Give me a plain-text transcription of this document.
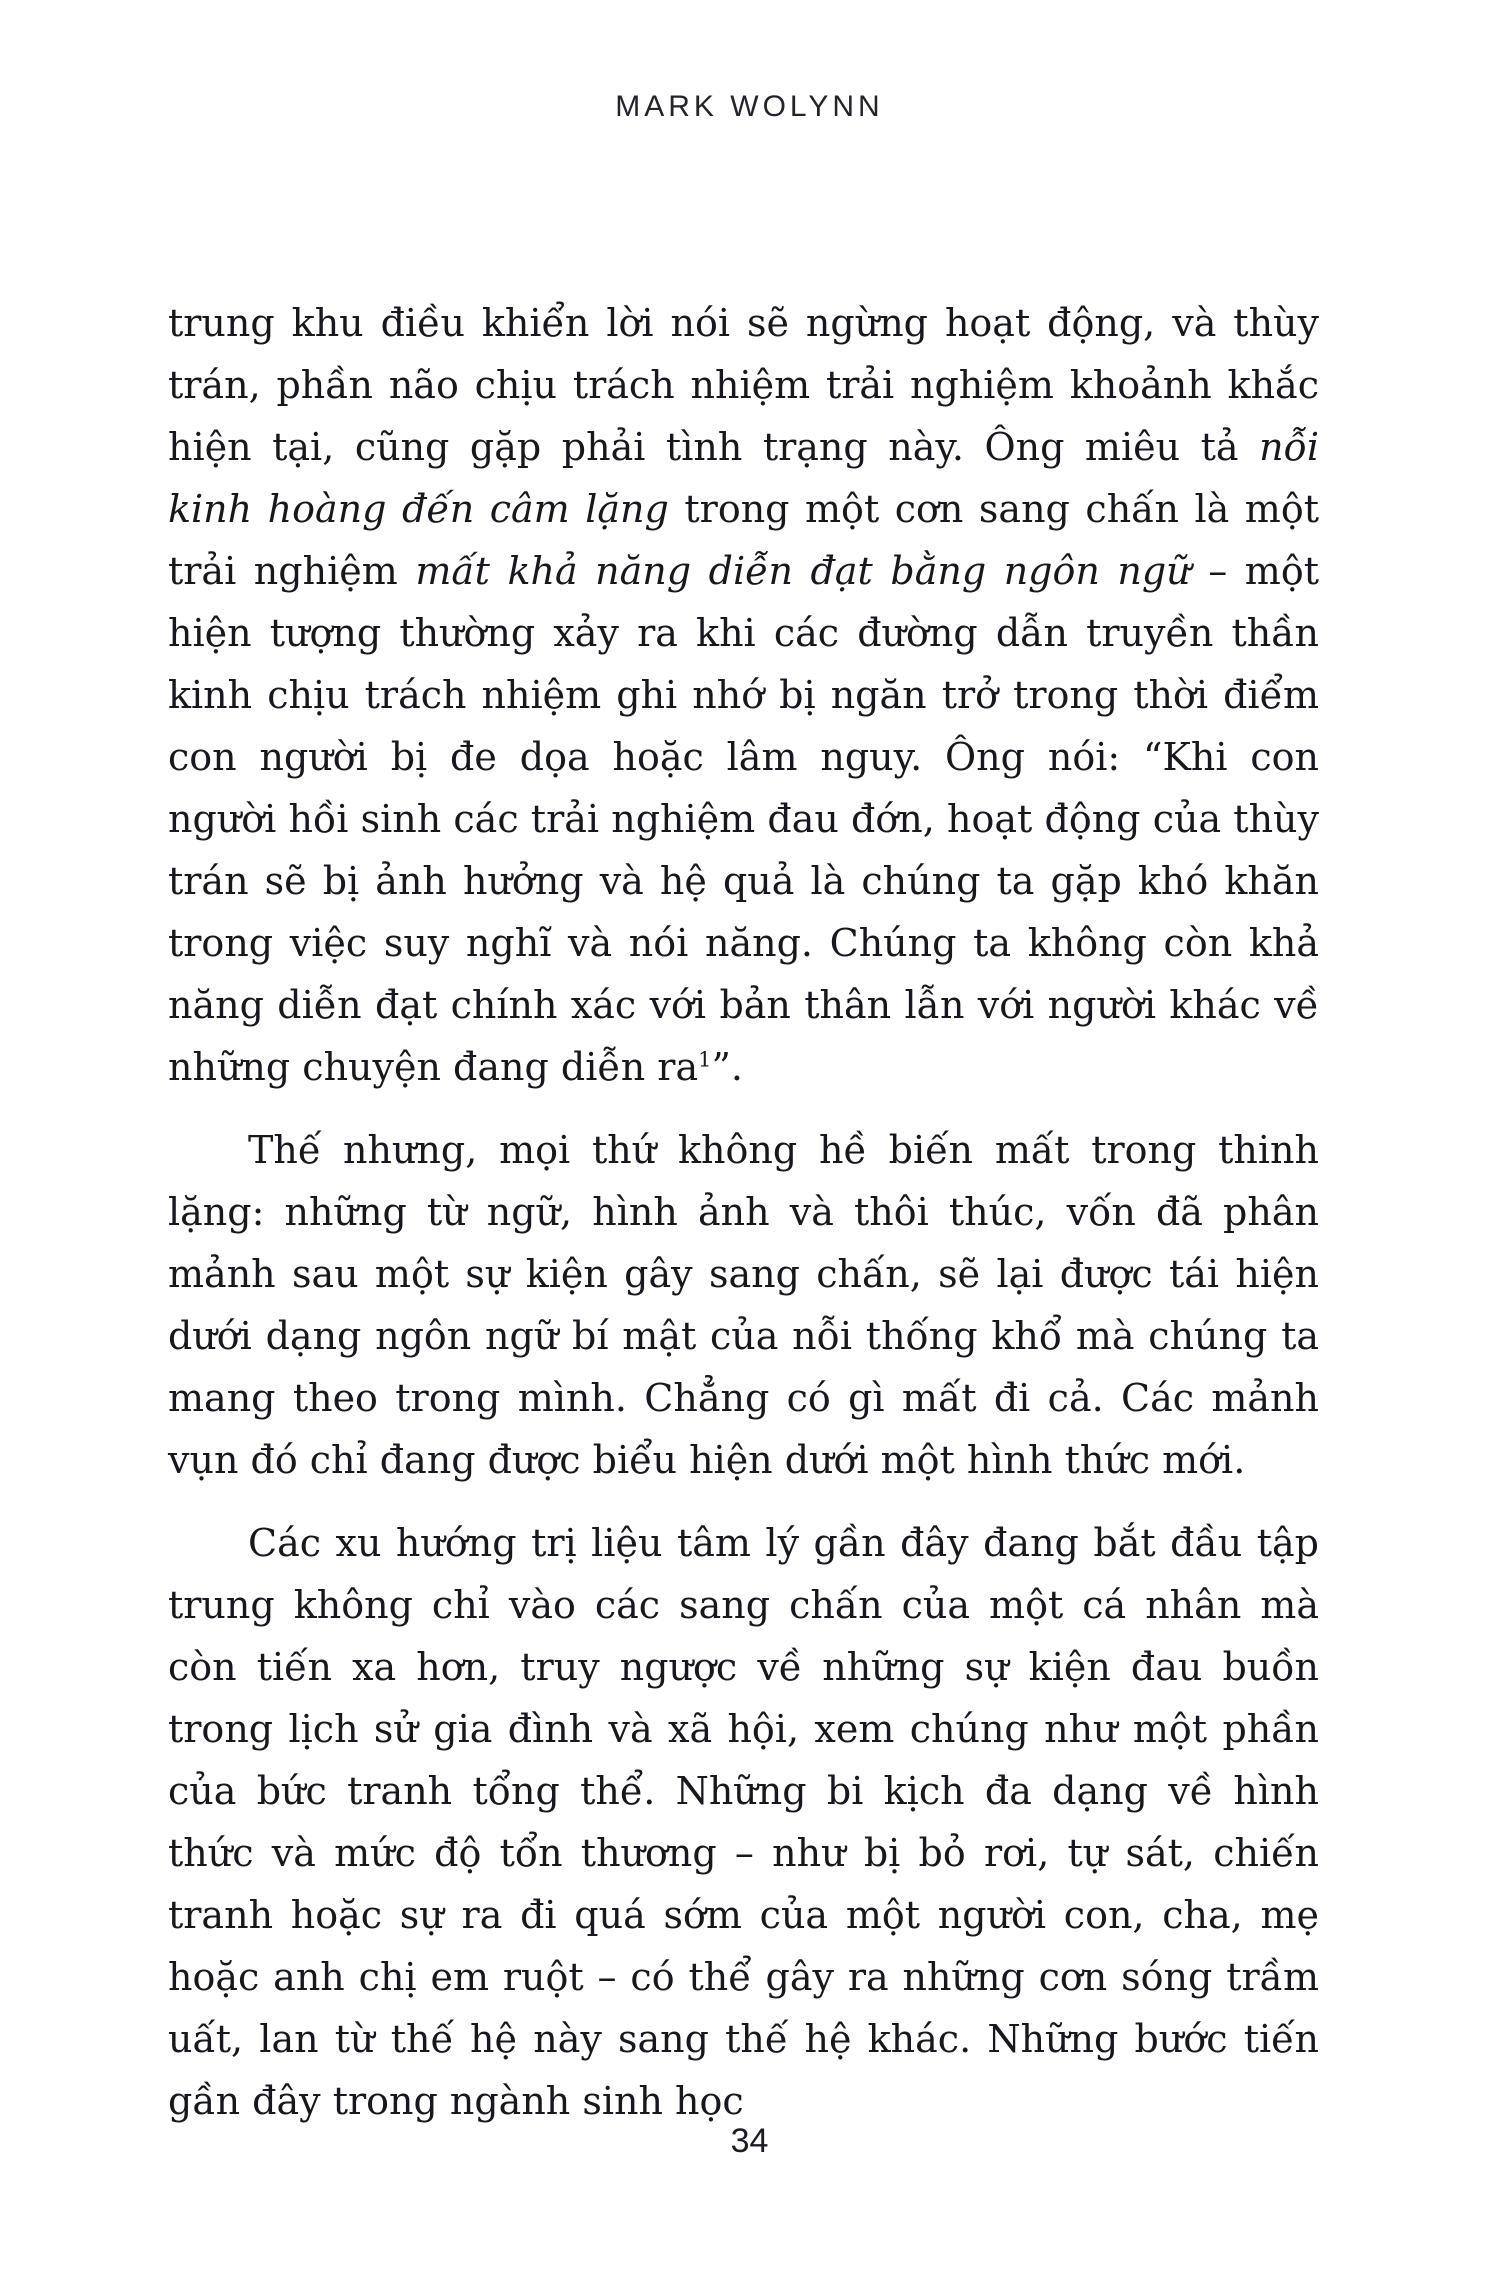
MARK WOLYNN

trung khu điều khiển lời nói sẽ ngừng hoạt động, và thùy trán, phần não chịu trách nhiệm trải nghiệm khoảnh khắc hiện tại, cũng gặp phải tình trạng này. Ông miêu tả nỗi kinh hoàng đến câm lặng trong một cơn sang chấn là một trải nghiệm mất khả năng diễn đạt bằng ngôn ngữ – một hiện tượng thường xảy ra khi các đường dẫn truyền thần kinh chịu trách nhiệm ghi nhớ bị ngăn trở trong thời điểm con người bị đe dọa hoặc lâm nguy. Ông nói: “Khi con người hồi sinh các trải nghiệm đau đớn, hoạt động của thùy trán sẽ bị ảnh hưởng và hệ quả là chúng ta gặp khó khăn trong việc suy nghĩ và nói năng. Chúng ta không còn khả năng diễn đạt chính xác với bản thân lẫn với người khác về những chuyện đang diễn ra$^1$”.

Thế nhưng, mọi thứ không hề biến mất trong thinh lặng: những từ ngữ, hình ảnh và thôi thúc, vốn đã phân mảnh sau một sự kiện gây sang chấn, sẽ lại được tái hiện dưới dạng ngôn ngữ bí mật của nỗi thống khổ mà chúng ta mang theo trong mình. Chẳng có gì mất đi cả. Các mảnh vụn đó chỉ đang được biểu hiện dưới một hình thức mới.

Các xu hướng trị liệu tâm lý gần đây đang bắt đầu tập trung không chỉ vào các sang chấn của một cá nhân mà còn tiến xa hơn, truy ngược về những sự kiện đau buồn trong lịch sử gia đình và xã hội, xem chúng như một phần của bức tranh tổng thể. Những bi kịch đa dạng về hình thức và mức độ tổn thương – như bị bỏ rơi, tự sát, chiến tranh hoặc sự ra đi quá sớm của một người con, cha, mẹ hoặc anh chị em ruột – có thể gây ra những cơn sóng trầm uất, lan từ thế hệ này sang thế hệ khác. Những bước tiến gần đây trong ngành sinh học

34
